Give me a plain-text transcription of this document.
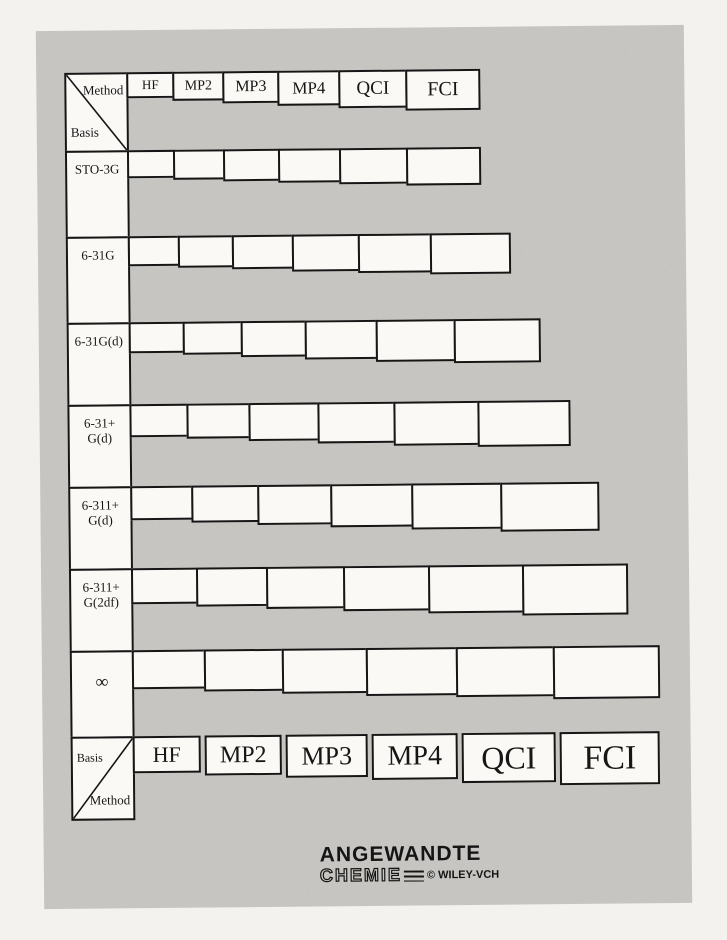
Method
Basis
STO-3G
6-31G
6-31G(d)
6-31+ G(d)
6-311+ G(d)
6-311+ G(2df)
∞
Basis
Method
HF MP2 MP3 MP4 QCI FCI
HF MP2 MP3 MP4 QCI FCI
ANGEWANDTE
CHEMIE © WILEY-VCH
